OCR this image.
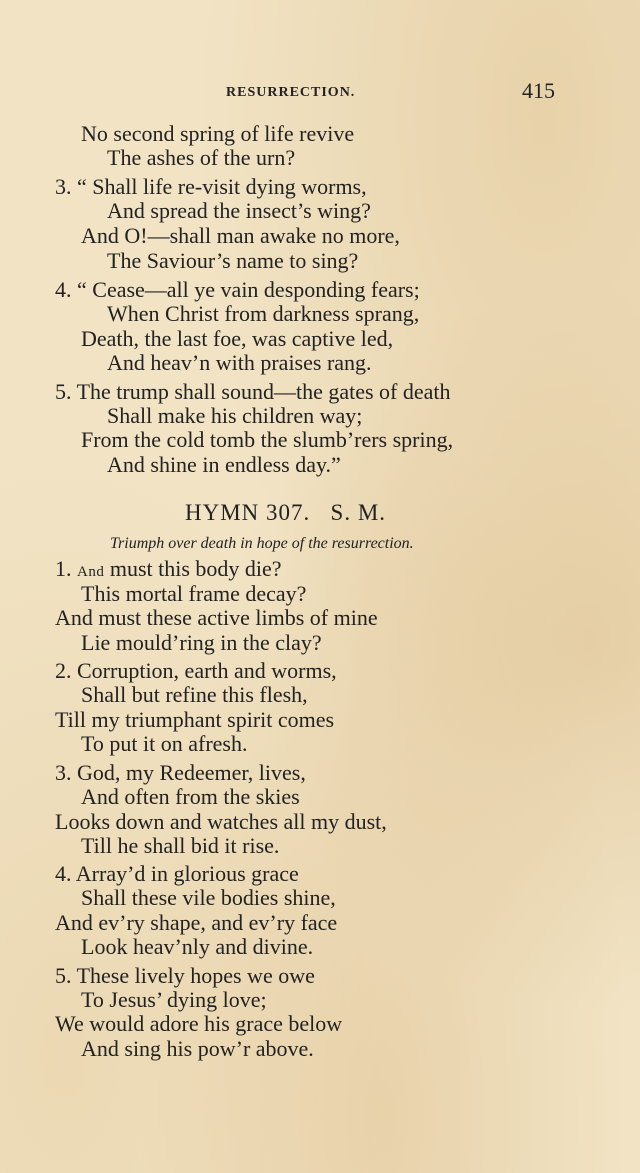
RESURRECTION.	415
No second spring of life revive
The ashes of the urn?
3. “ Shall life re-visit dying worms,
And spread the insect’s wing?
And O!—shall man awake no more,
The Saviour’s name to sing?
4. “ Cease—all ye vain desponding fears;
When Christ from darkness sprang,
Death, the last foe, was captive led,
And heav’n with praises rang.
5. The trump shall sound—the gates of death
Shall make his children way;
From the cold tomb the slumb’rers spring,
And shine in endless day.”
HYMN 307.   S. M.
Triumph over death in hope of the resurrection.
1. And must this body die?
This mortal frame decay?
And must these active limbs of mine
Lie mould’ring in the clay?
2. Corruption, earth and worms,
Shall but refine this flesh,
Till my triumphant spirit comes
To put it on afresh.
3. God, my Redeemer, lives,
And often from the skies
Looks down and watches all my dust,
Till he shall bid it rise.
4. Array’d in glorious grace
Shall these vile bodies shine,
And ev’ry shape, and ev’ry face
Look heav’nly and divine.
5. These lively hopes we owe
To Jesus’ dying love;
We would adore his grace below
And sing his pow’r above.
